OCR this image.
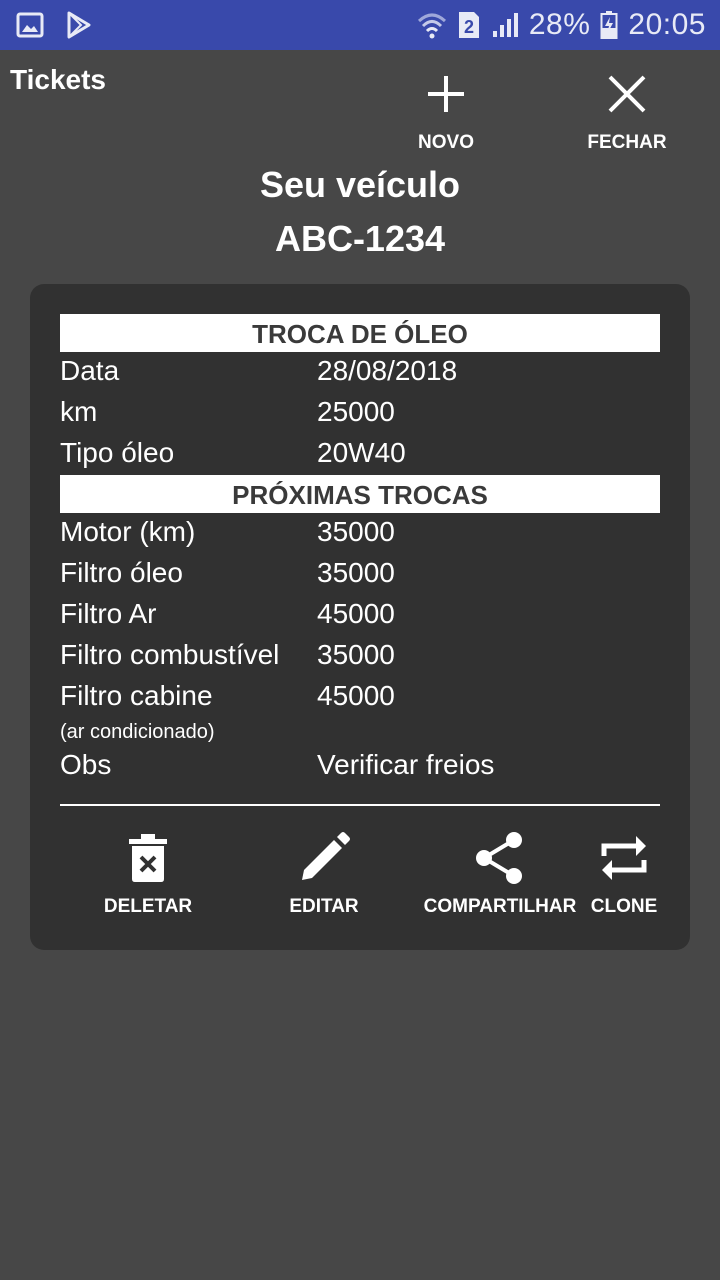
2 28% 20:05
Tickets
NOVO	FECHAR
Seu veículo
ABC-1234
TROCA DE ÓLEO
Data	28/08/2018
km	25000
Tipo óleo	20W40
PRÓXIMAS TROCAS
Motor (km)	35000
Filtro óleo	35000
Filtro Ar	45000
Filtro combustível 35000
Filtro cabine	45000
(ar condicionado)
Obs	Verificar freios
DELETAR	EDITAR	COMPARTILHAR CLONE
